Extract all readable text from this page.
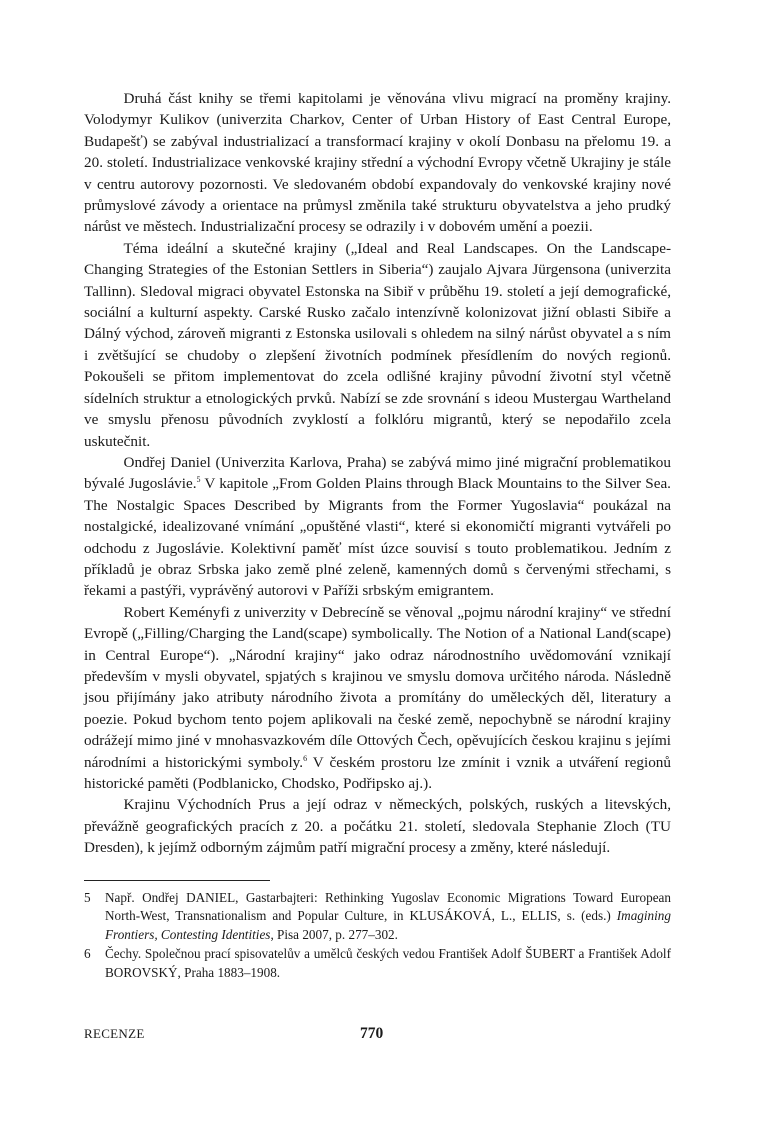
Druhá část knihy se třemi kapitolami je věnována vlivu migrací na proměny krajiny. Volodymyr Kulikov (univerzita Charkov, Center of Urban History of East Central Europe, Budapešť) se zabýval industrializací a transformací krajiny v okolí Donbasu na přelomu 19. a 20. století. Industrializace venkovské krajiny střední a východní Evropy včetně Ukrajiny je stále v centru autorovy pozornosti. Ve sledovaném období expandovaly do venkovské krajiny nové průmyslové závody a orientace na průmysl změnila také strukturu obyvatelstva a jeho prudký nárůst ve městech. Industrializační procesy se odrazily i v dobovém umění a poezii.

Téma ideální a skutečné krajiny („Ideal and Real Landscapes. On the Landscape-Changing Strategies of the Estonian Settlers in Siberia“) zaujalo Ajvara Jürgensona (univerzita Tallinn). Sledoval migraci obyvatel Estonska na Sibiř v průběhu 19. století a její demografické, sociální a kulturní aspekty. Carské Rusko začalo intenzívně kolonizovat jižní oblasti Sibiře a Dálný východ, zároveň migranti z Estonska usilovali s ohledem na silný nárůst obyvatel a s ním i zvětšující se chudoby o zlepšení životních podmínek přesídlením do nových regionů. Pokoušeli se přitom implementovat do zcela odlišné krajiny původní životní styl včetně sídelních struktur a etnologických prvků. Nabízí se zde srovnání s ideou Mustergau Wartheland ve smyslu přenosu původních zvyklostí a folklóru migrantů, který se nepodařilo zcela uskutečnit.

Ondřej Daniel (Univerzita Karlova, Praha) se zabývá mimo jiné migrační problematikou bývalé Jugoslávie.$^5$ V kapitole „From Golden Plains through Black Mountains to the Silver Sea. The Nostalgic Spaces Described by Migrants from the Former Yugoslavia“ poukázal na nostalgické, idealizované vnímání „opuštěné vlasti“, které si ekonomičtí migranti vytvářeli po odchodu z Jugoslávie. Kolektivní paměť míst úzce souvisí s touto problematikou. Jedním z příkladů je obraz Srbska jako země plné zeleně, kamenných domů s červenými střechami, s řekami a pastýři, vyprávěný autorovi v Paříži srbským emigrantem.

Robert Keményfi z univerzity v Debrecíně se věnoval „pojmu národní krajiny“ ve střední Evropě („Filling/Charging the Land(scape) symbolically. The Notion of a National Land(scape) in Central Europe“). „Národní krajiny“ jako odraz národnostního uvědomování vznikají především v mysli obyvatel, spjatých s krajinou ve smyslu domova určitého národa. Následně jsou přijímány jako atributy národního života a promítány do uměleckých děl, literatury a poezie. Pokud bychom tento pojem aplikovali na české země, nepochybně se národní krajiny odrážejí mimo jiné v mnohasvazkovém díle Ottových Čech, opěvujících českou krajinu s jejími národními a historickými symboly.$^6$ V českém prostoru lze zmínit i vznik a utváření regionů historické paměti (Podblanicko, Chodsko, Podřipsko aj.).

Krajinu Východních Prus a její odraz v německých, polských, ruských a litevských, převážně geografických pracích z 20. a počátku 21. století, sledovala Stephanie Zloch (TU Dresden), k jejímž odborným zájmům patří migrační procesy a změny, které následují.

5	Např. Ondřej DANIEL, Gastarbajteri: Rethinking Yugoslav Economic Migrations Toward European North-West, Transnationalism and Popular Culture, in KLUSÁKOVÁ, L., ELLIS, s. (eds.) Imagining Frontiers, Contesting Identities, Pisa 2007, p. 277–302.
6	Čechy. Společnou prací spisovatelův a umělců českých vedou František Adolf ŠUBERT a František Adolf BOROVSKÝ, Praha 1883–1908.
RECENZE	770
